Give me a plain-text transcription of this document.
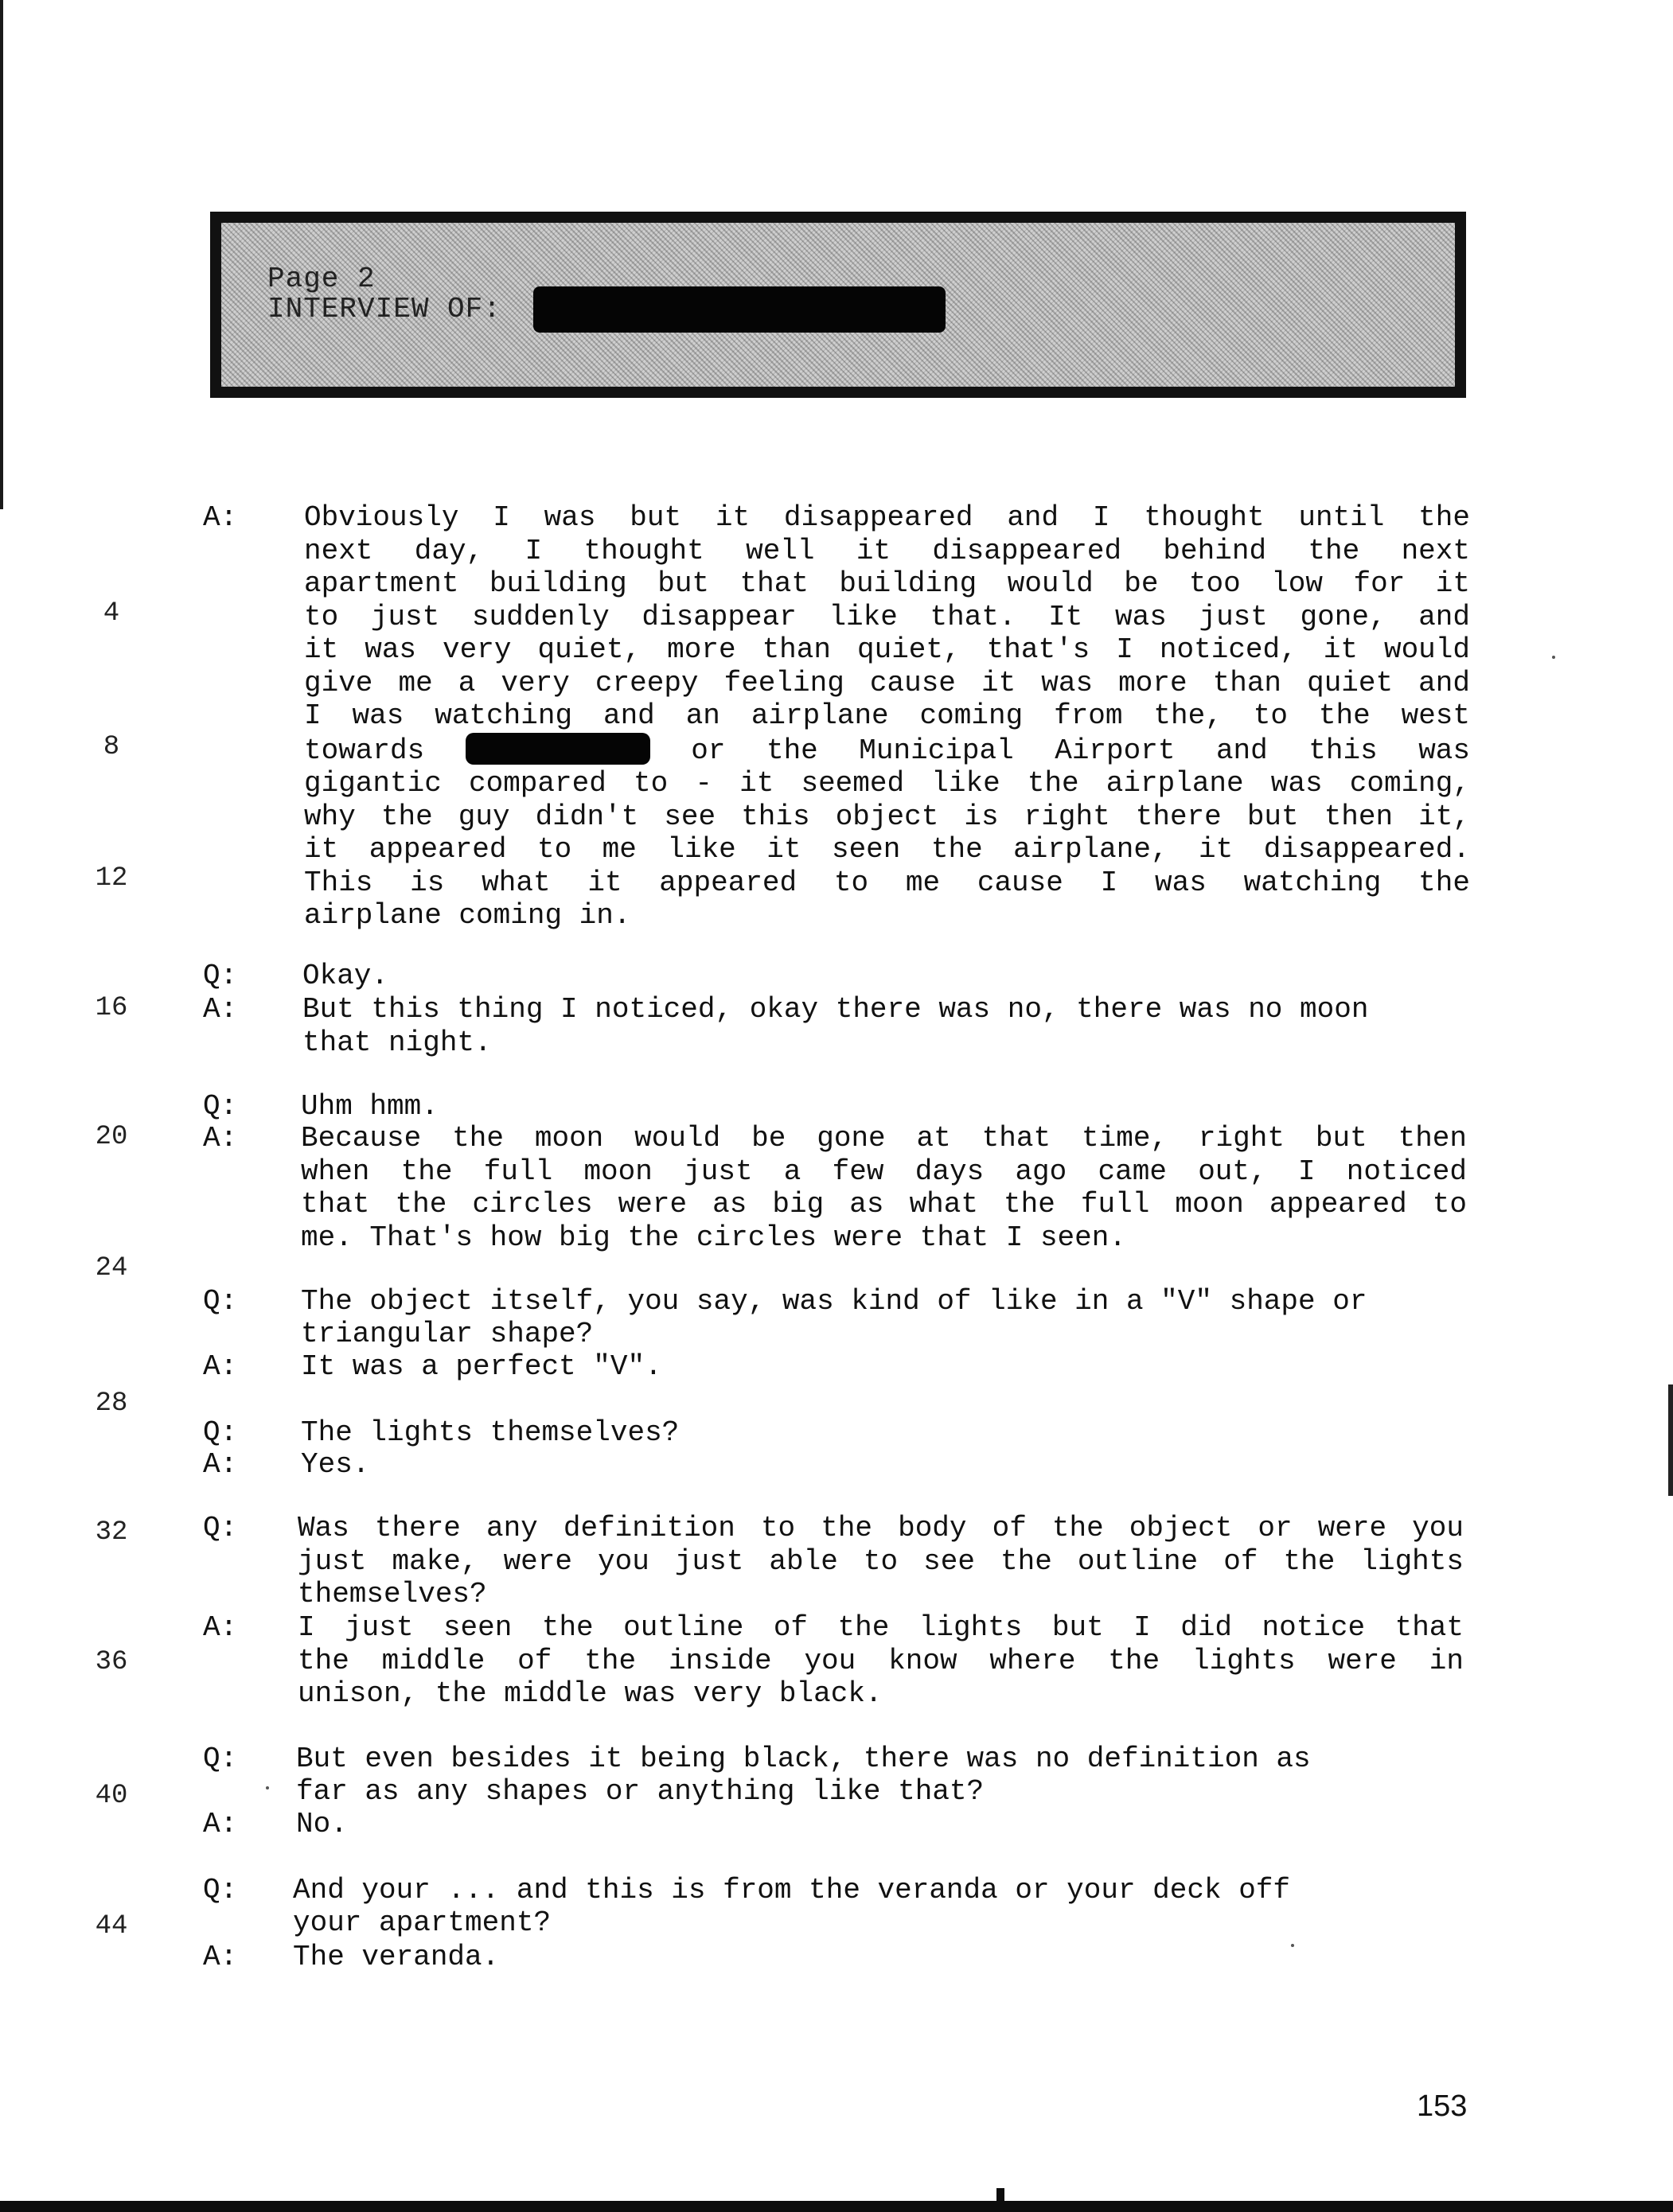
Page 2
INTERVIEW OF:
4
8
12
16
20
24
28
32
36
40
44
A: Obviously I was but it disappeared and I thought until the
next day, I thought well it disappeared behind the next
apartment building but that building would be too low for it
to just suddenly disappear like that. It was just gone, and
it was very quiet, more than quiet, that's I noticed, it would
give me a very creepy feeling cause it was more than quiet and
I was watching and an airplane coming from the, to the west
towards	or the Municipal Airport and this was
gigantic compared to - it seemed like the airplane was coming,
why the guy didn't see this object is right there but then it,
it appeared to me like it seen the airplane, it disappeared.
This is what it appeared to me cause I was watching the
airplane coming in.
Q: Okay.
A: But this thing I noticed, okay there was no, there was no moon
that night.
Q: Uhm hmm.
A: Because the moon would be gone at that time, right but then
when the full moon just a few days ago came out, I noticed
that the circles were as big as what the full moon appeared to
me. That's how big the circles were that I seen.
Q: The object itself, you say, was kind of like in a "V" shape or
triangular shape?
A: It was a perfect "V".
Q: The lights themselves?
A: Yes.
Q: Was there any definition to the body of the object or were you
just make, were you just able to see the outline of the lights
themselves?
A: I just seen the outline of the lights but I did notice that
the middle of the inside you know where the lights were in
unison, the middle was very black.
Q: But even besides it being black, there was no definition as
far as any shapes or anything like that?
A: No.
Q: And your ... and this is from the veranda or your deck off
your apartment?
A: The veranda.
153
